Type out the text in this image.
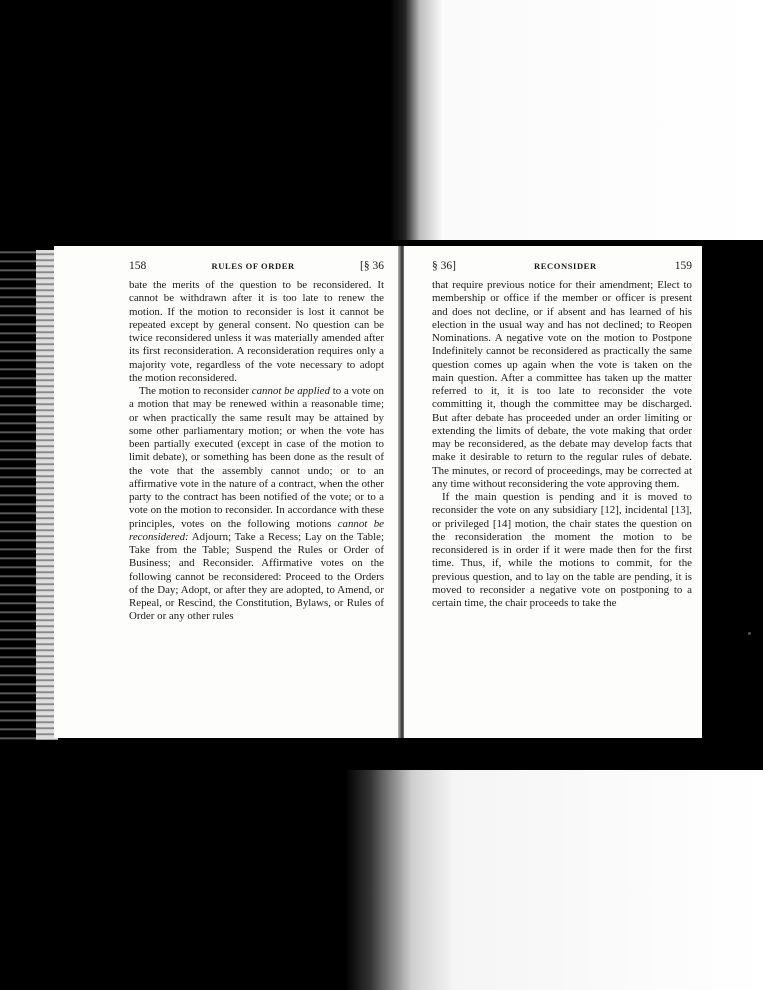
158	RULES OF ORDER	[§ 36

bate the merits of the question to be reconsidered. It cannot be withdrawn after it is too late to renew the motion. If the motion to reconsider is lost it cannot be repeated except by general consent. No question can be twice reconsidered unless it was materially amended after its first reconsideration. A reconsideration requires only a majority vote, regardless of the vote necessary to adopt the motion reconsidered.

The motion to reconsider cannot be applied to a vote on a motion that may be renewed within a reasonable time; or when practically the same result may be attained by some other parliamentary motion; or when the vote has been partially executed (except in case of the motion to limit debate), or something has been done as the result of the vote that the assembly cannot undo; or to an affirmative vote in the nature of a contract, when the other party to the contract has been notified of the vote; or to a vote on the motion to reconsider. In accordance with these principles, votes on the following motions cannot be reconsidered: Adjourn; Take a Recess; Lay on the Table; Take from the Table; Suspend the Rules or Order of Business; and Reconsider. Affirmative votes on the following cannot be reconsidered: Proceed to the Orders of the Day; Adopt, or after they are adopted, to Amend, or Repeal, or Rescind, the Constitution, Bylaws, or Rules of Order or any other rules

§ 36]	RECONSIDER	159

that require previous notice for their amendment; Elect to membership or office if the member or officer is present and does not decline, or if absent and has learned of his election in the usual way and has not declined; to Reopen Nominations. A negative vote on the motion to Postpone Indefinitely cannot be reconsidered as practically the same question comes up again when the vote is taken on the main question. After a committee has taken up the matter referred to it, it is too late to reconsider the vote committing it, though the committee may be discharged. But after debate has proceeded under an order limiting or extending the limits of debate, the vote making that order may be reconsidered, as the debate may develop facts that make it desirable to return to the regular rules of debate. The minutes, or record of proceedings, may be corrected at any time without reconsidering the vote approving them.

If the main question is pending and it is moved to reconsider the vote on any subsidiary [12], incidental [13], or privileged [14] motion, the chair states the question on the reconsideration the moment the motion to be reconsidered is in order if it were made then for the first time. Thus, if, while the motions to commit, for the previous question, and to lay on the table are pending, it is moved to reconsider a negative vote on postponing to a certain time, the chair proceeds to take the
